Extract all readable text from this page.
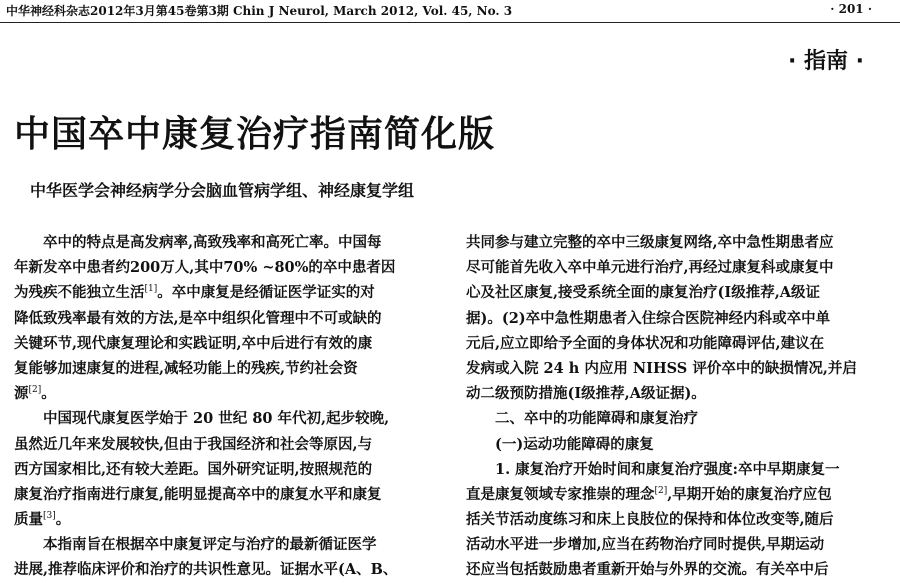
中华神经科杂志2012年3月第45卷第3期 Chin J Neurol, March 2012, Vol. 45, No. 3	· 201 ·
· 指南 ·
中国卒中康复治疗指南简化版
中华医学会神经病学分会脑血管病学组、神经康复学组
卒中的特点是高发病率,高致残率和高死亡率。中国每
年新发卒中患者约200万人,其中70% ~80%的卒中患者因
为残疾不能独立生活[1]。卒中康复是经循证医学证实的对
降低致残率最有效的方法,是卒中组织化管理中不可或缺的
关键环节,现代康复理论和实践证明,卒中后进行有效的康
复能够加速康复的进程,减轻功能上的残疾,节约社会资
源[2]。
中国现代康复医学始于 20 世纪 80 年代初,起步较晚,
虽然近几年来发展较快,但由于我国经济和社会等原因,与
西方国家相比,还有较大差距。国外研究证明,按照规范的
康复治疗指南进行康复,能明显提高卒中的康复水平和康复
质量[3]。
本指南旨在根据卒中康复评定与治疗的最新循证医学
进展,推荐临床评价和治疗的共识性意见。证据水平(A、B、
共同参与建立完整的卒中三级康复网络,卒中急性期患者应
尽可能首先收入卒中单元进行治疗,再经过康复科或康复中
心及社区康复,接受系统全面的康复治疗(Ⅰ级推荐,A级证
据)。(2)卒中急性期患者入住综合医院神经内科或卒中单
元后,应立即给予全面的身体状况和功能障碍评估,建议在
发病或入院 24 h 内应用 NIHSS 评价卒中的缺损情况,并启
动二级预防措施(Ⅰ级推荐,A级证据)。
二、卒中的功能障碍和康复治疗
(一)运动功能障碍的康复
1. 康复治疗开始时间和康复治疗强度:卒中早期康复一
直是康复领域专家推崇的理念[2],早期开始的康复治疗应包
括关节活动度练习和床上良肢位的保持和体位改变等,随后
活动水平进一步增加,应当在药物治疗同时提供,早期运动
还应当包括鼓励患者重新开始与外界的交流。有关卒中后
